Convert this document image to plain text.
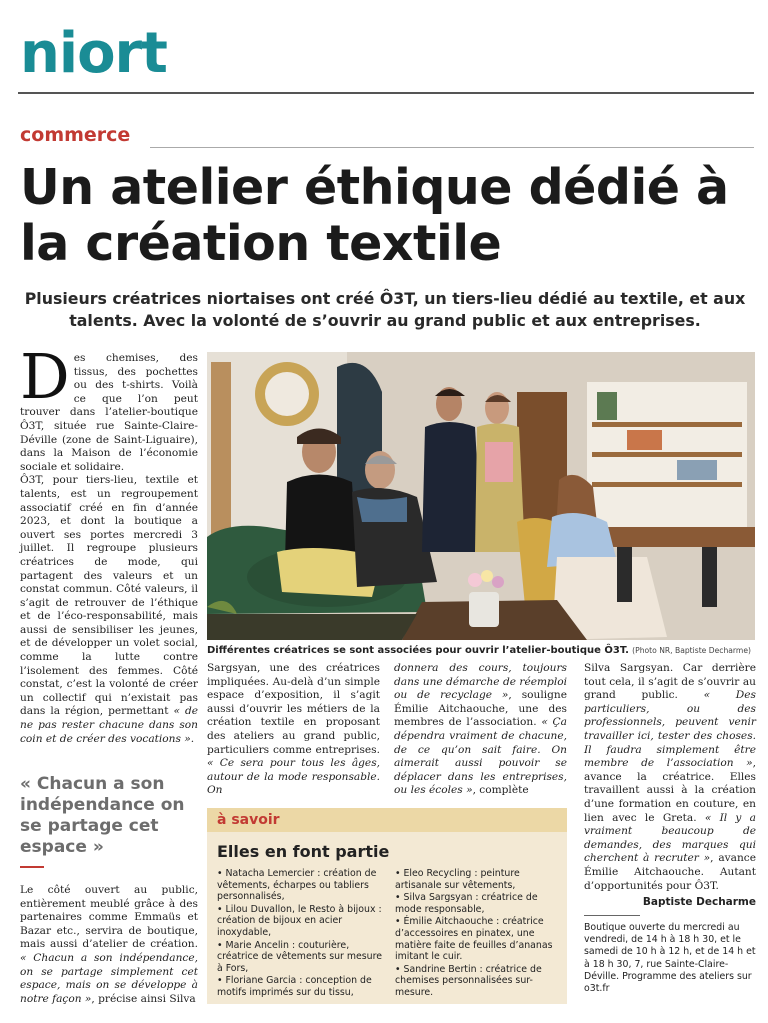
niort
commerce
Un atelier éthique dédié à la création textile
Plusieurs créatrices niortaises ont créé Ô3T, un tiers-lieu dédié au textile, et aux talents. Avec la volonté de s’ouvrir au grand public et aux entreprises.

Des chemises, des tissus, des pochettes ou des t-shirts. Voilà ce que l’on peut trouver dans l’atelier-boutique Ô3T, située rue Sainte-Claire-Déville (zone de Saint-Liguaire), dans la Maison de l’économie sociale et solidaire.

Ô3T, pour tiers-lieu, textile et talents, est un regroupement associatif créé en fin d’année 2023, et dont la boutique a ouvert ses portes mercredi 3 juillet. Il regroupe plusieurs créatrices de mode, qui partagent des valeurs et un constat commun. Côté valeurs, il s’agit de retrouver de l’éthique et de l’éco-responsabilité, mais aussi de sensibiliser les jeunes, et de développer un volet social, comme la lutte contre l’isolement des femmes. Côté constat, c’est la volonté de créer un collectif qui n’existait pas dans la région, permettant « de ne pas rester chacune dans son coin et de créer des vocations ».

« Chacun a son indépendance on se partage cet espace »

Le côté ouvert au public, entièrement meublé grâce à des partenaires comme Emmaüs et Bazar etc., servira de boutique, mais aussi d’atelier de création. « Chacun a son indépendance, on se partage simplement cet espace, mais on se développe à notre façon », précise ainsi Silva

Différentes créatrices se sont associées pour ouvrir l’atelier-boutique Ô3T. (Photo NR, Baptiste Decharme)

Sargsyan, une des créatrices impliquées. Au-delà d’un simple espace d’exposition, il s’agit aussi d’ouvrir les métiers de la création textile en proposant des ateliers au grand public, particuliers comme entreprises. « Ce sera pour tous les âges, autour de la mode responsable. On

donnera des cours, toujours dans une démarche de réemploi ou de recyclage », souligne Émilie Aitchaouche, une des membres de l’association. « Ça dépendra vraiment de chacune, de ce qu’on sait faire. On aimerait aussi pouvoir se déplacer dans les entreprises, ou les écoles », complète

Silva Sargsyan. Car derrière tout cela, il s’agit de s’ouvrir au grand public. « Des particuliers, ou des professionnels, peuvent venir travailler ici, tester des choses. Il faudra simplement être membre de l’association », avance la créatrice. Elles travaillent aussi à la création d’une formation en couture, en lien avec le Greta. « Il y a vraiment beaucoup de demandes, des marques qui cherchent à recruter », avance Émilie Aitchaouche. Autant d’opportunités pour Ô3T.

à savoir
Elles en font partie
• Natacha Lemercier : création de vêtements, écharpes ou tabliers personnalisés,
• Lilou Duvallon, le Resto à bijoux : création de bijoux en acier inoxydable,
• Marie Ancelin : couturière, créatrice de vêtements sur mesure à Fors,
• Floriane Garcia : conception de motifs imprimés sur du tissu,
• Eleo Recycling : peinture artisanale sur vêtements,
• Silva Sargsyan : créatrice de mode responsable,
• Émilie Aitchaouche : créatrice d’accessoires en pinatex, une matière faite de feuilles d’ananas imitant le cuir.
• Sandrine Bertin : créatrice de chemises personnalisées sur-mesure.
Baptiste Decharme
Boutique ouverte du mercredi au vendredi, de 14 h à 18 h 30, et le samedi de 10 h à 12 h, et de 14 h et à 18 h 30, 7, rue Sainte-Claire-Déville. Programme des ateliers sur o3t.fr
